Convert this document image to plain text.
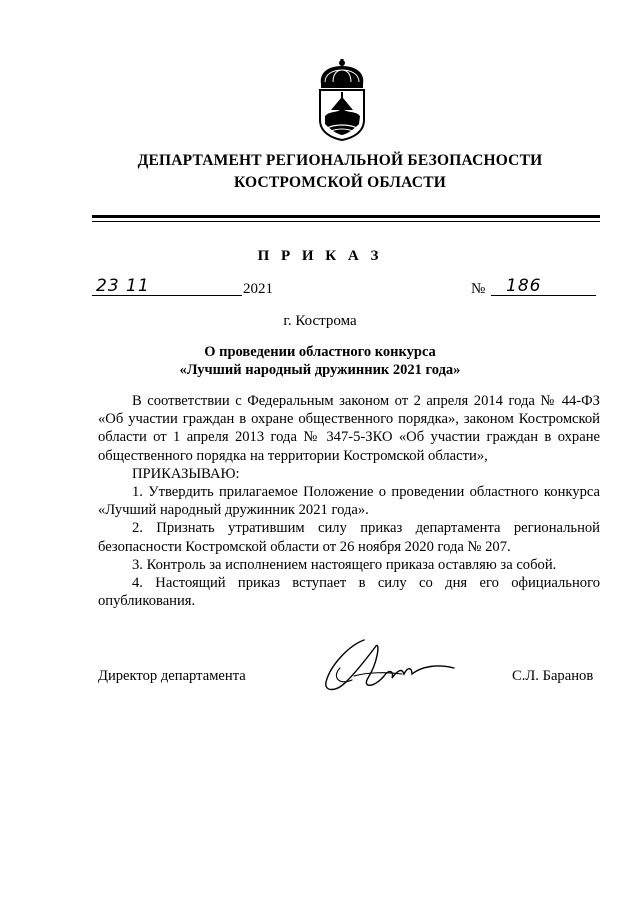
ДЕПАРТАМЕНТ РЕГИОНАЛЬНОЙ БЕЗОПАСНОСТИ
КОСТРОМСКОЙ ОБЛАСТИ
П Р И К А З
23 11	2021	№ 186
г. Кострома
О проведении областного конкурса
«Лучший народный дружинник 2021 года»

В соответствии с Федеральным законом от 2 апреля 2014 года № 44-ФЗ «Об участии граждан в охране общественного порядка», законом Костромской области от 1 апреля 2013 года № 347-5-ЗКО «Об участии граждан в охране общественного порядка на территории Костромской области»,

ПРИКАЗЫВАЮ:

1. Утвердить прилагаемое Положение о проведении областного конкурса «Лучший народный дружинник 2021 года».

2. Признать утратившим силу приказ департамента региональной безопасности Костромской области от 26 ноября 2020 года № 207.

3. Контроль за исполнением настоящего приказа оставляю за собой.

4. Настоящий приказ вступает в силу со дня его официального опубликования.

Директор департамента	С.Л. Баранов
